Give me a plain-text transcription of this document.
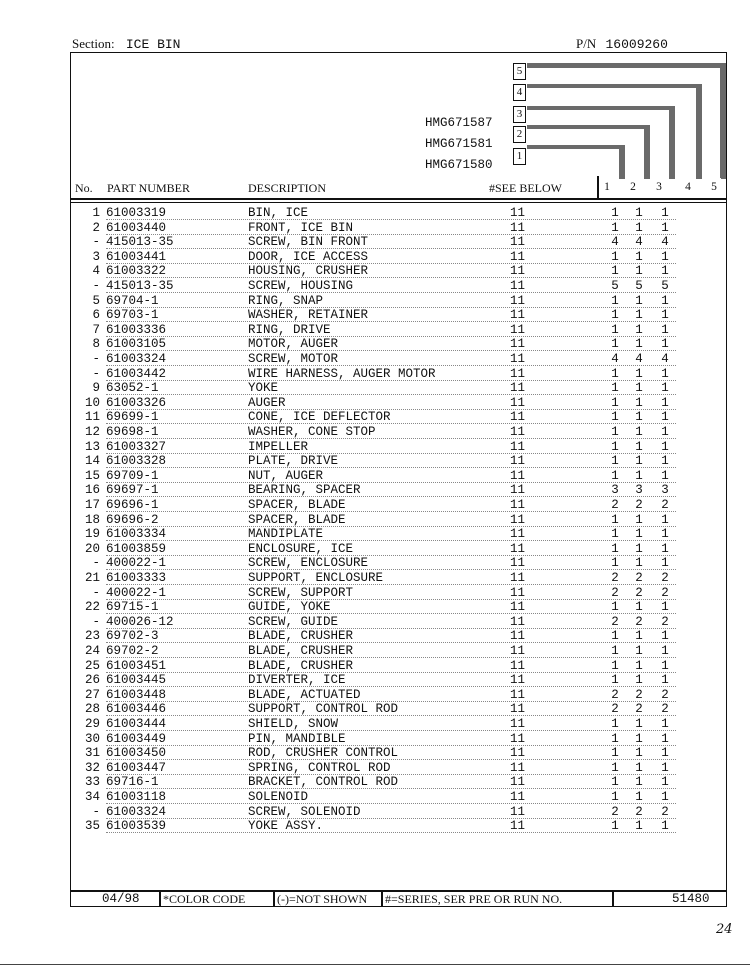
Section: ICE BIN	P/N 16009260
5
4
3
2
1
HMG671587
HMG671581
HMG671580
No. PART NUMBER	DESCRIPTION	#SEE BELOW	1	2	3	4	5
1 61003319	BIN, ICE	11	1 1 1
2 61003440	FRONT, ICE BIN	11	1 1 1
- 415013-35	SCREW, BIN FRONT	11	4 4 4
3 61003441	DOOR, ICE ACCESS	11	1 1 1
4 61003322	HOUSING, CRUSHER	11	1 1 1
- 415013-35	SCREW, HOUSING	11	5 5 5
5 69704-1	RING, SNAP	11	1 1 1
6 69703-1	WASHER, RETAINER	11	1 1 1
7 61003336	RING, DRIVE	11	1 1 1
8 61003105	MOTOR, AUGER	11	1 1 1
- 61003324	SCREW, MOTOR	11	4 4 4
- 61003442	WIRE HARNESS, AUGER MOTOR	11	1 1 1
9 63052-1	YOKE	11	1 1 1
10 61003326	AUGER	11	1 1 1
11 69699-1	CONE, ICE DEFLECTOR	11	1 1 1
12 69698-1	WASHER, CONE STOP	11	1 1 1
13 61003327	IMPELLER	11	1 1 1
14 61003328	PLATE, DRIVE	11	1 1 1
15 69709-1	NUT, AUGER	11	1 1 1
16 69697-1	BEARING, SPACER	11	3 3 3
17 69696-1	SPACER, BLADE	11	2 2 2
18 69696-2	SPACER, BLADE	11	1 1 1
19 61003334	MANDIPLATE	11	1 1 1
20 61003859	ENCLOSURE, ICE	11	1 1 1
- 400022-1	SCREW, ENCLOSURE	11	1 1 1
21 61003333	SUPPORT, ENCLOSURE	11	2 2 2
- 400022-1	SCREW, SUPPORT	11	2 2 2
22 69715-1	GUIDE, YOKE	11	1 1 1
- 400026-12	SCREW, GUIDE	11	2 2 2
23 69702-3	BLADE, CRUSHER	11	1 1 1
24 69702-2	BLADE, CRUSHER	11	1 1 1
25 61003451	BLADE, CRUSHER	11	1 1 1
26 61003445	DIVERTER, ICE	11	1 1 1
27 61003448	BLADE, ACTUATED	11	2 2 2
28 61003446	SUPPORT, CONTROL ROD	11	2 2 2
29 61003444	SHIELD, SNOW	11	1 1 1
30 61003449	PIN, MANDIBLE	11	1 1 1
31 61003450	ROD, CRUSHER CONTROL	11	1 1 1
32 61003447	SPRING, CONTROL ROD	11	1 1 1
33 69716-1	BRACKET, CONTROL ROD	11	1 1 1
34 61003118	SOLENOID	11	1 1 1
- 61003324	SCREW, SOLENOID	11	2 2 2
35 61003539	YOKE ASSY.	11	1 1 1
04/98 *COLOR CODE	(-)=NOT SHOWN #=SERIES, SER PRE OR RUN NO.	51480
24
